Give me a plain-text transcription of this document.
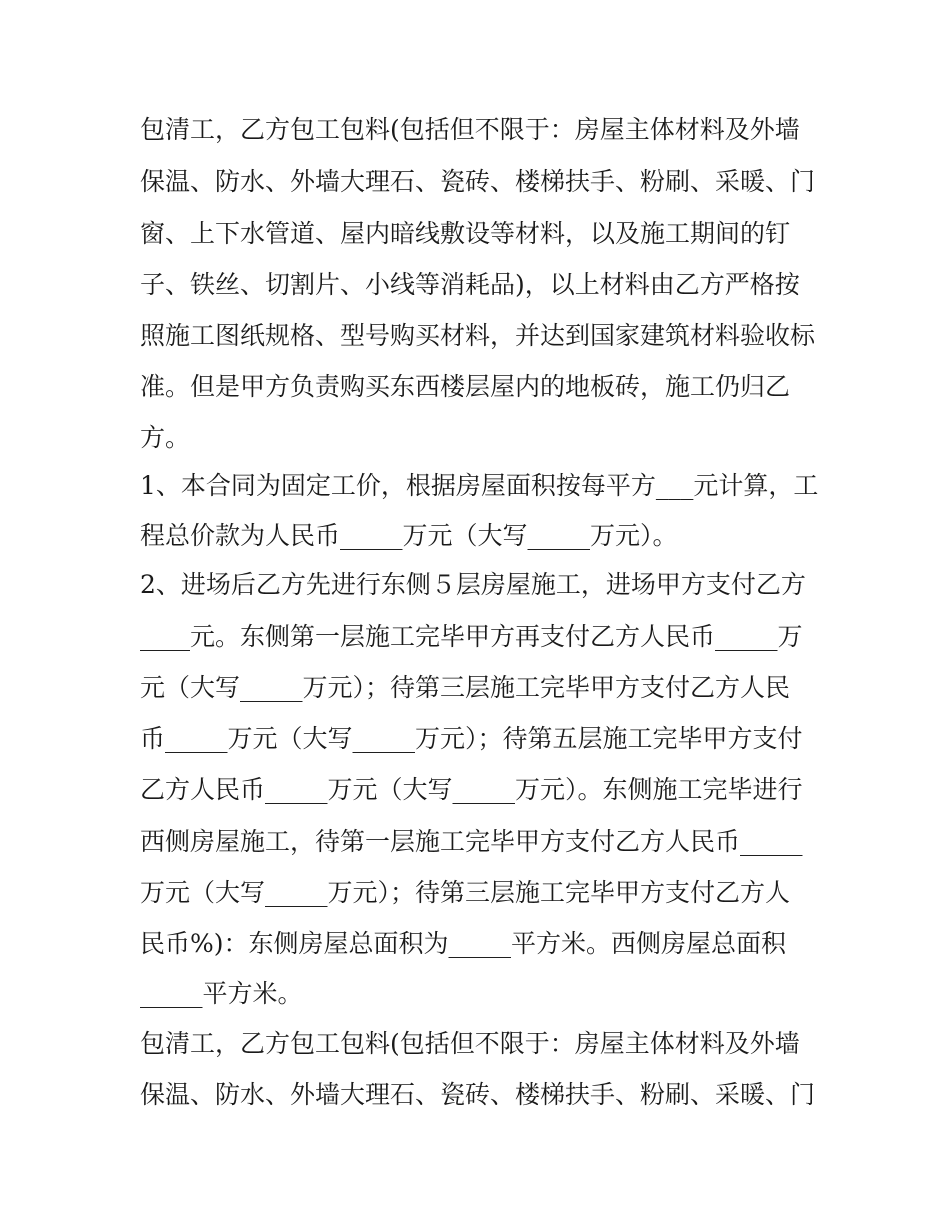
包清工，乙方包工包料(包括但不限于：房屋主体材料及外墙
保温、防水、外墙大理石、瓷砖、楼梯扶手、粉刷、采暖、门
窗、上下水管道、屋内暗线敷设等材料，以及施工期间的钉
子、铁丝、切割片、小线等消耗品)，以上材料由乙方严格按
照施工图纸规格、型号购买材料，并达到国家建筑材料验收标
准。但是甲方负责购买东西楼层屋内的地板砖，施工仍归乙
方。
1、本合同为固定工价，根据房屋面积按每平方___元计算，工
程总价款为人民币_____万元（大写_____万元）。
2、进场后乙方先进行东侧５层房屋施工，进场甲方支付乙方
____元。东侧第一层施工完毕甲方再支付乙方人民币_____万
元（大写_____万元）；待第三层施工完毕甲方支付乙方人民
币_____万元（大写_____万元）；待第五层施工完毕甲方支付
乙方人民币_____万元（大写_____万元）。东侧施工完毕进行
西侧房屋施工，待第一层施工完毕甲方支付乙方人民币_____
万元（大写_____万元）；待第三层施工完毕甲方支付乙方人
民币%)：东侧房屋总面积为_____平方米。西侧房屋总面积
_____平方米。
包清工，乙方包工包料(包括但不限于：房屋主体材料及外墙
保温、防水、外墙大理石、瓷砖、楼梯扶手、粉刷、采暖、门
